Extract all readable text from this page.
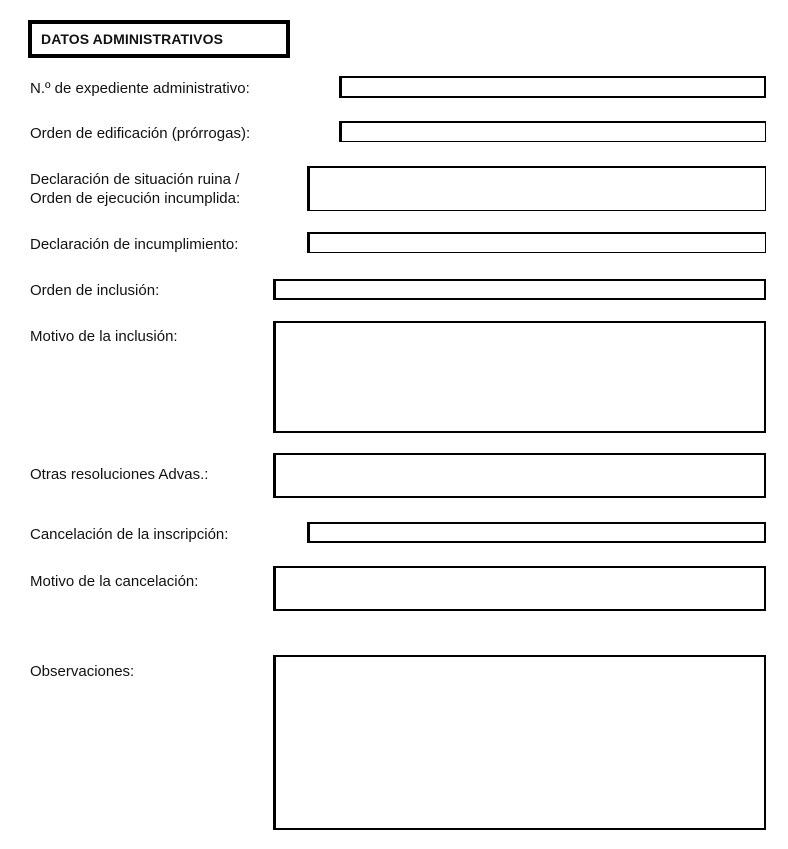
DATOS ADMINISTRATIVOS
N.º de expediente administrativo:
Orden de edificación (prórrogas):
Declaración de situación ruina /
Orden de ejecución incumplida:
Declaración de incumplimiento:
Orden de inclusión:
Motivo de la inclusión:
Otras resoluciones Advas.:
Cancelación de la inscripción:
Motivo de la cancelación:
Observaciones:
